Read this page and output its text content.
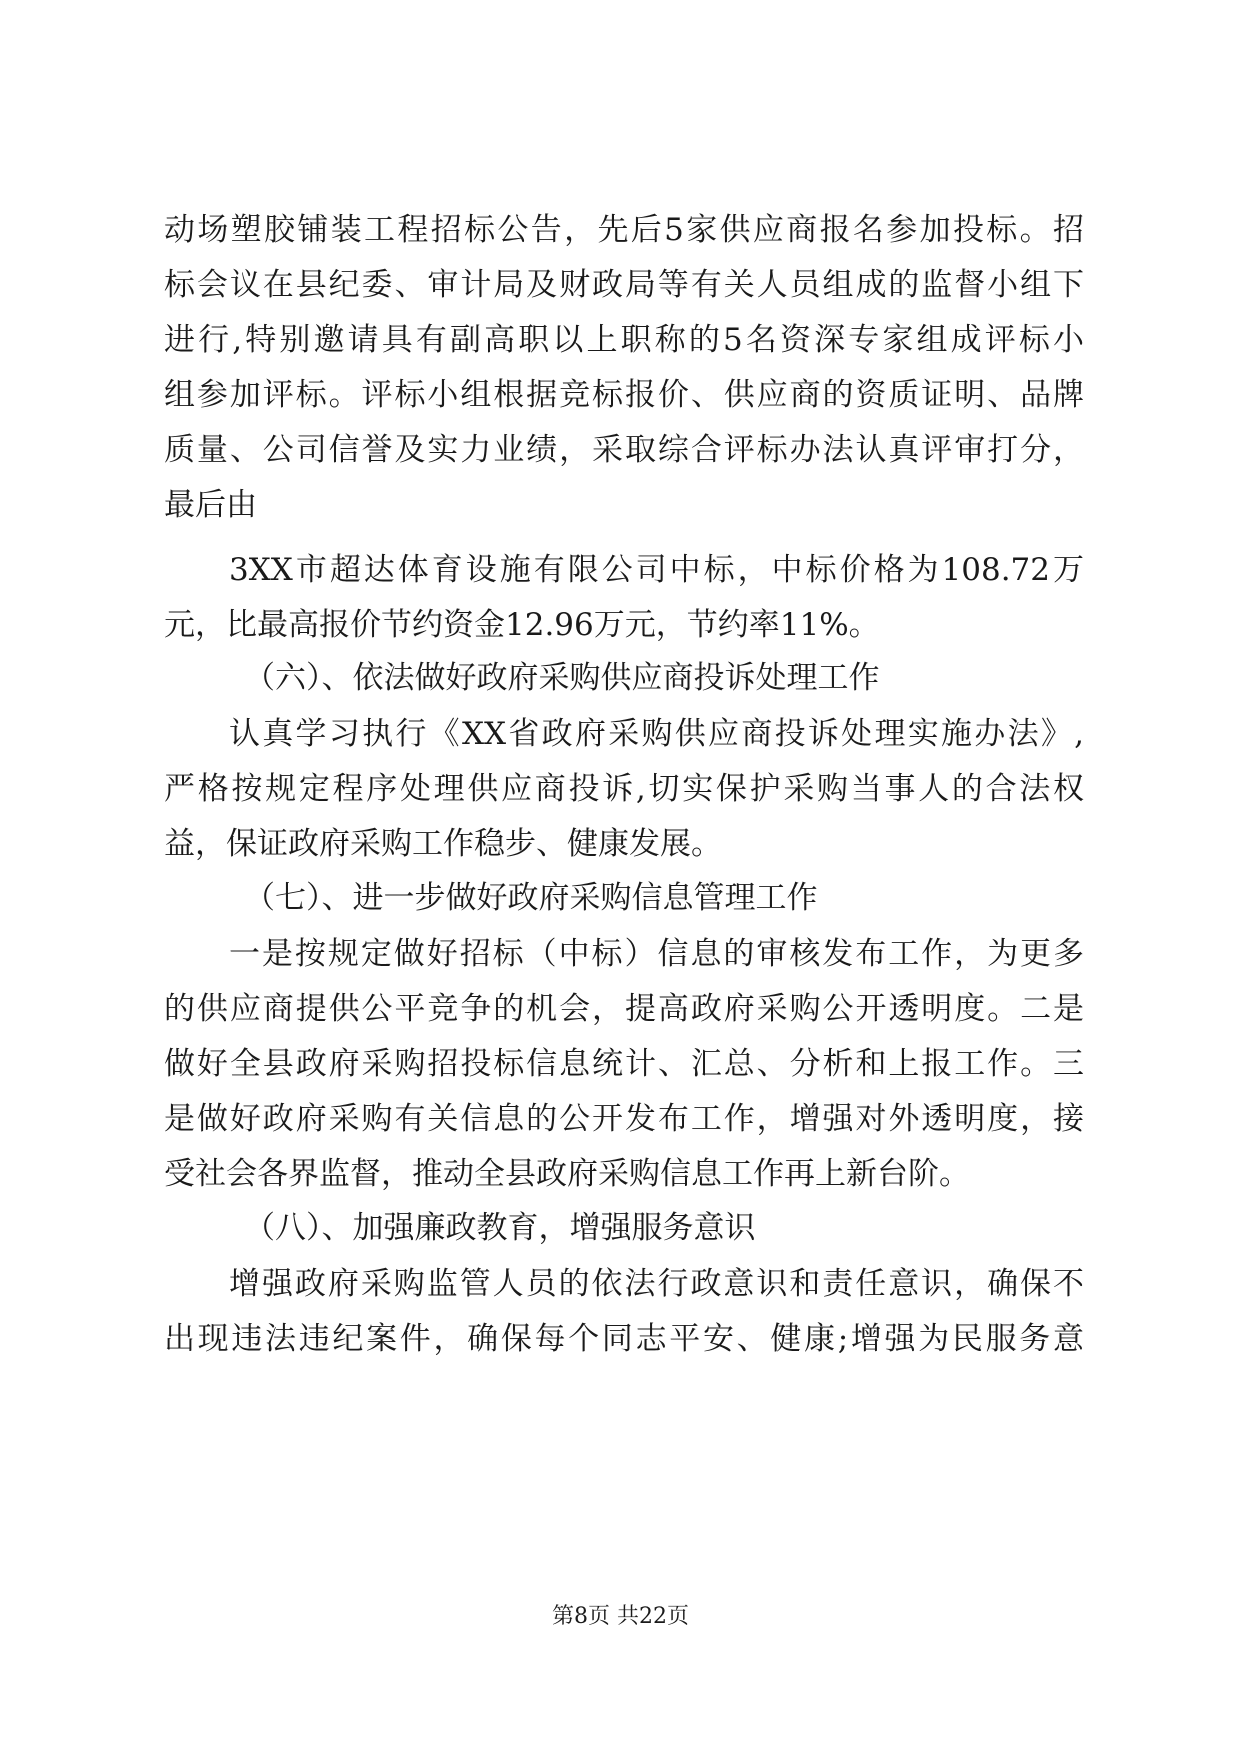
动场塑胶铺装工程招标公告，先后5家供应商报名参加投标。招
标会议在县纪委、审计局及财政局等有关人员组成的监督小组下
进行,特别邀请具有副高职以上职称的5名资深专家组成评标小
组参加评标。评标小组根据竞标报价、供应商的资质证明、品牌
质量、公司信誉及实力业绩，采取综合评标办法认真评审打分，
最后由
3XX市超达体育设施有限公司中标，中标价格为108.72万
元，比最高报价节约资金12.96万元，节约率11%。
（六）、依法做好政府采购供应商投诉处理工作
认真学习执行《XX省政府采购供应商投诉处理实施办法》,
严格按规定程序处理供应商投诉,切实保护采购当事人的合法权
益，保证政府采购工作稳步、健康发展。
（七）、进一步做好政府采购信息管理工作
一是按规定做好招标（中标）信息的审核发布工作，为更多
的供应商提供公平竞争的机会，提高政府采购公开透明度。二是
做好全县政府采购招投标信息统计、汇总、分析和上报工作。三
是做好政府采购有关信息的公开发布工作，增强对外透明度，接
受社会各界监督，推动全县政府采购信息工作再上新台阶。
（八）、加强廉政教育，增强服务意识
增强政府采购监管人员的依法行政意识和责任意识，确保不
出现违法违纪案件，确保每个同志平安、健康;增强为民服务意
第8页 共22页
